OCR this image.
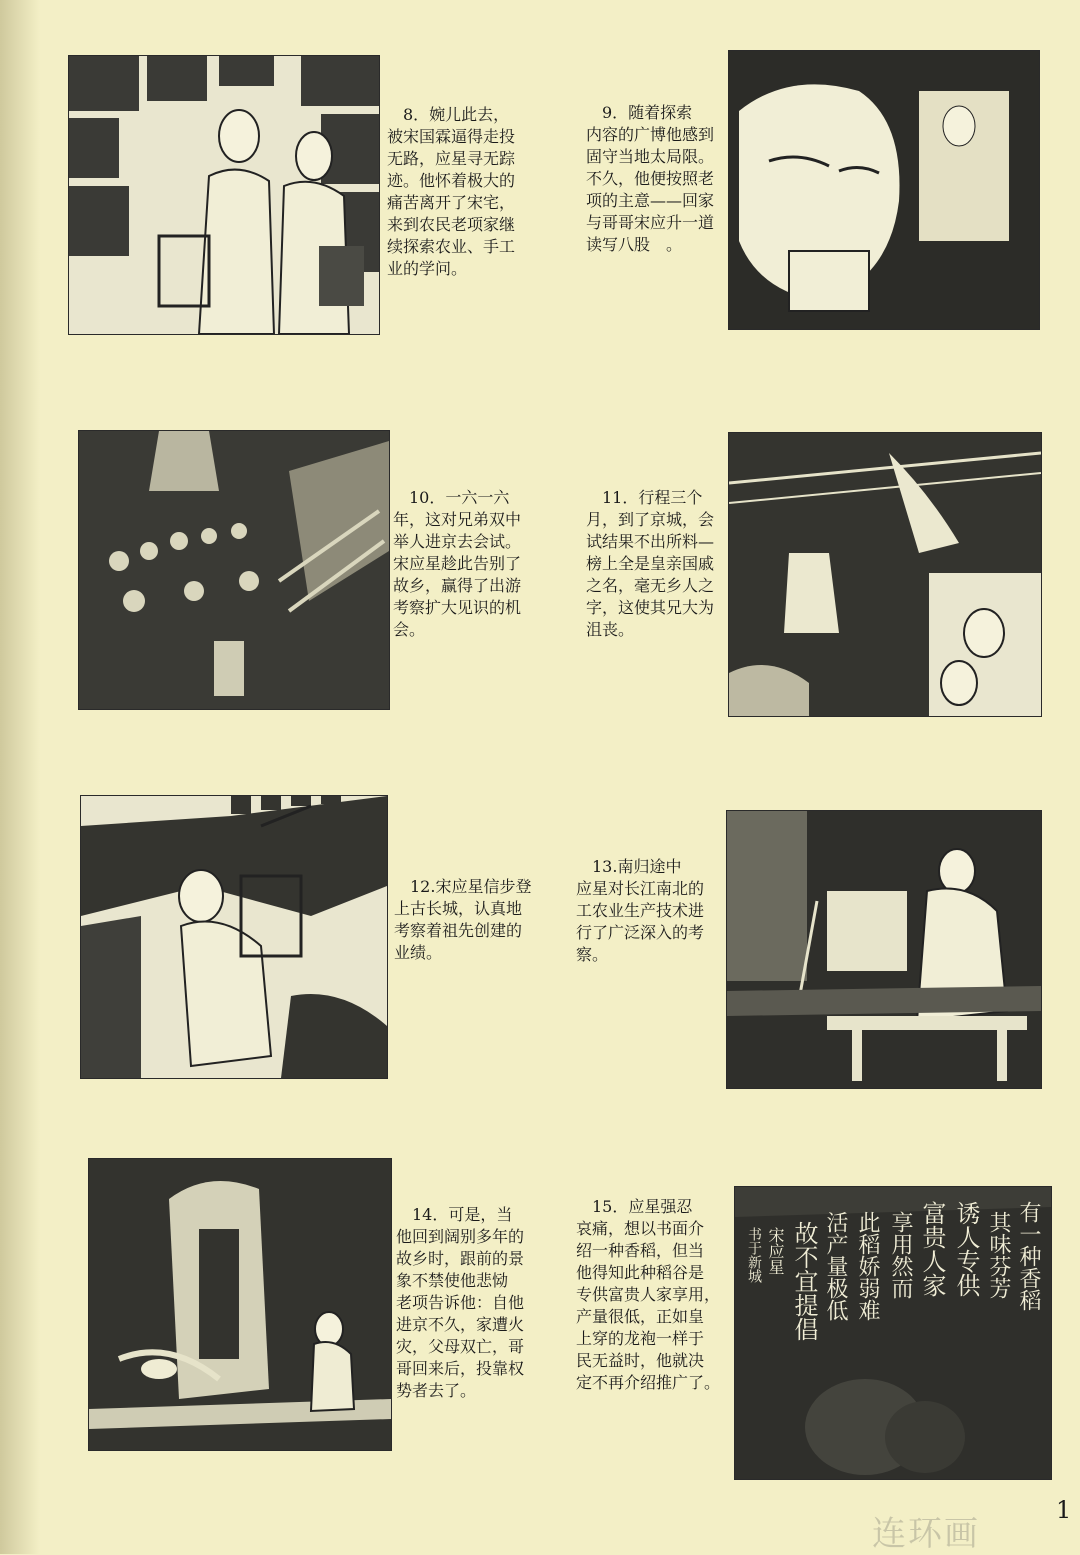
　8．婉儿此去，
被宋国霖逼得走投
无路，应星寻无踪
迹。他怀着极大的
痛苦离开了宋宅，
来到农民老项家继
续探索农业、手工
业的学问。
　9．随着探索
内容的广博他感到
固守当地太局限。
不久，他便按照老
项的主意——回家
与哥哥宋应升一道
读写八股　。
　10．一六一六
年，这对兄弟双中
举人进京去会试。
宋应星趁此告别了
故乡，赢得了出游
考察扩大见识的机
会。
　11．行程三个
月，到了京城，会
试结果不出所料—
榜上全是皇亲国戚
之名，毫无乡人之
字，这使其兄大为
沮丧。
　12.宋应星信步登
上古长城，认真地
考察着祖先创建的
业绩。
　13.南归途中
应星对长江南北的
工农业生产技术进
行了广泛深入的考
察。
　14．可是，当
他回到阔别多年的
故乡时，跟前的景
象不禁使他悲恸
老项告诉他：自他
进京不久，家遭火
灾，父母双亡，哥
哥回来后，投靠权
势者去了。
有一种香稻
其味芬芳
诱人专供
富贵人家
享用然而
此稻娇弱难
活产量极低
故不宜提倡
宋应星
书于新城
　15．应星强忍
哀痛，想以书面介
绍一种香稻，但当
他得知此种稻谷是
专供富贵人家享用，
产量很低，正如皇
上穿的龙袍一样于
民无益时，他就决
定不再介绍推广了。
连环画
1
